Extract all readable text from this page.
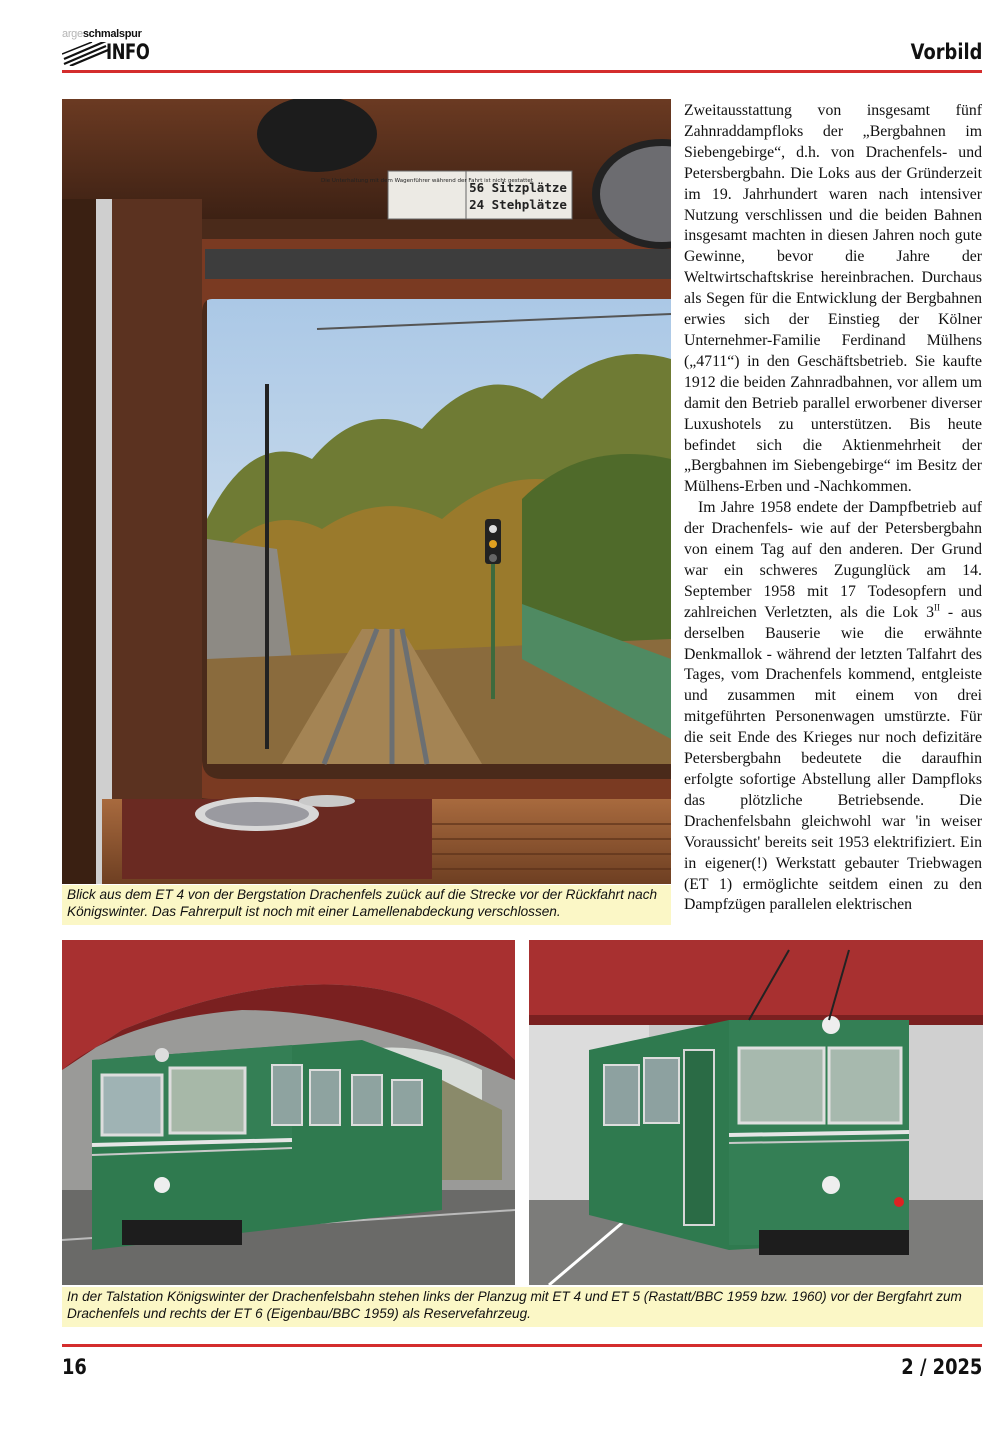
argeschmalspur
INFO	Vorbild
Die Unterhaltung mit dem Wagenführer während der Fahrt ist nicht gestattet
56 Sitzplätze
24 Stehplätze
Blick aus dem ET 4 von der Bergstation Drachenfels zuück auf die Strecke vor der Rückfahrt nach Königswinter. Das Fahrerpult ist noch mit einer Lamellenabdeckung verschlossen.

Zweitausstattung von insgesamt fünf Zahnraddampfloks der „Bergbahnen im Siebengebirge“, d.h. von Drachenfels- und Petersbergbahn. Die Loks aus der Gründerzeit im 19. Jahrhundert waren nach intensiver Nutzung verschlissen und die beiden Bahnen insgesamt machten in diesen Jahren noch gute Gewinne, bevor die Jahre der Weltwirtschaftskrise hereinbrachen. Durchaus als Segen für die Entwicklung der Bergbahnen erwies sich der Einstieg der Kölner Unternehmer-Familie Ferdinand Mülhens („4711“) in den Geschäftsbetrieb. Sie kaufte 1912 die beiden Zahnradbahnen, vor allem um damit den Betrieb parallel erworbener diverser Luxushotels zu unterstützen. Bis heute befindet sich die Aktienmehrheit der „Bergbahnen im Siebengebirge“ im Besitz der Mülhens-Erben und -Nachkommen.

Im Jahre 1958 endete der Dampfbetrieb auf der Drachenfels- wie auf der Petersbergbahn von einem Tag auf den anderen. Der Grund war ein schweres Zugunglück am 14. September 1958 mit 17 Todesopfern und zahlreichen Verletzten, als die Lok $3^{II}$ - aus derselben Bauserie wie die erwähnte Denkmallok - während der letzten Talfahrt des Tages, vom Drachenfels kommend, entgleiste und zusammen mit einem von drei mitgeführten Personenwagen umstürzte. Für die seit Ende des Krieges nur noch defizitäre Petersbergbahn bedeutete die daraufhin erfolgte sofortige Abstellung aller Dampfloks das plötzliche Betriebsende. Die Drachenfelsbahn gleichwohl war 'in weiser Voraussicht' bereits seit 1953 elektrifiziert. Ein in eigener(!) Werkstatt gebauter Triebwagen (ET 1) ermöglichte seitdem einen zu den Dampfzügen parallelen elektrischen

In der Talstation Königswinter der Drachenfelsbahn stehen links der Planzug mit ET 4 und ET 5 (Rastatt/BBC 1959 bzw. 1960) vor der Bergfahrt zum Drachenfels und rechts der ET 6 (Eigenbau/BBC 1959) als Reservefahrzeug.
16	2 / 2025
